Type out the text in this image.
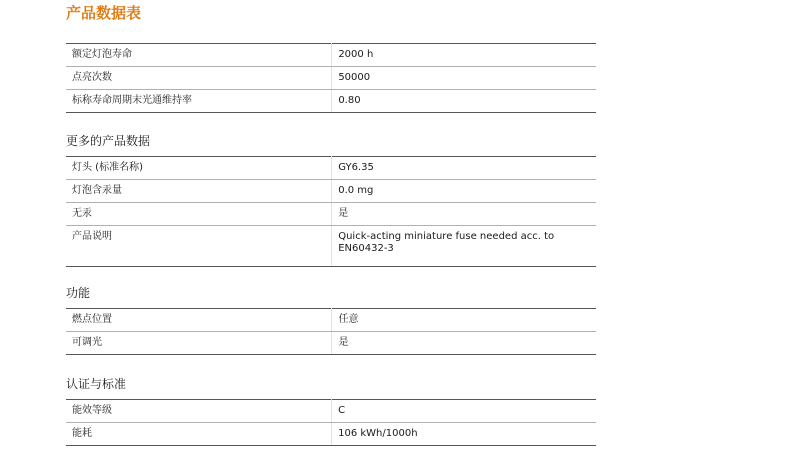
产品数据表
额定灯泡寿命	2000 h
点亮次数	50000
标称寿命周期末光通维持率	0.80
更多的产品数据
灯头 (标准名称)	GY6.35
灯泡含汞量	0.0 mg
无汞	是
产品说明	Quick-acting miniature fuse needed acc. to EN60432-3
功能
燃点位置	任意
可调光	是
认证与标准
能效等级	C
能耗	106 kWh/1000h
